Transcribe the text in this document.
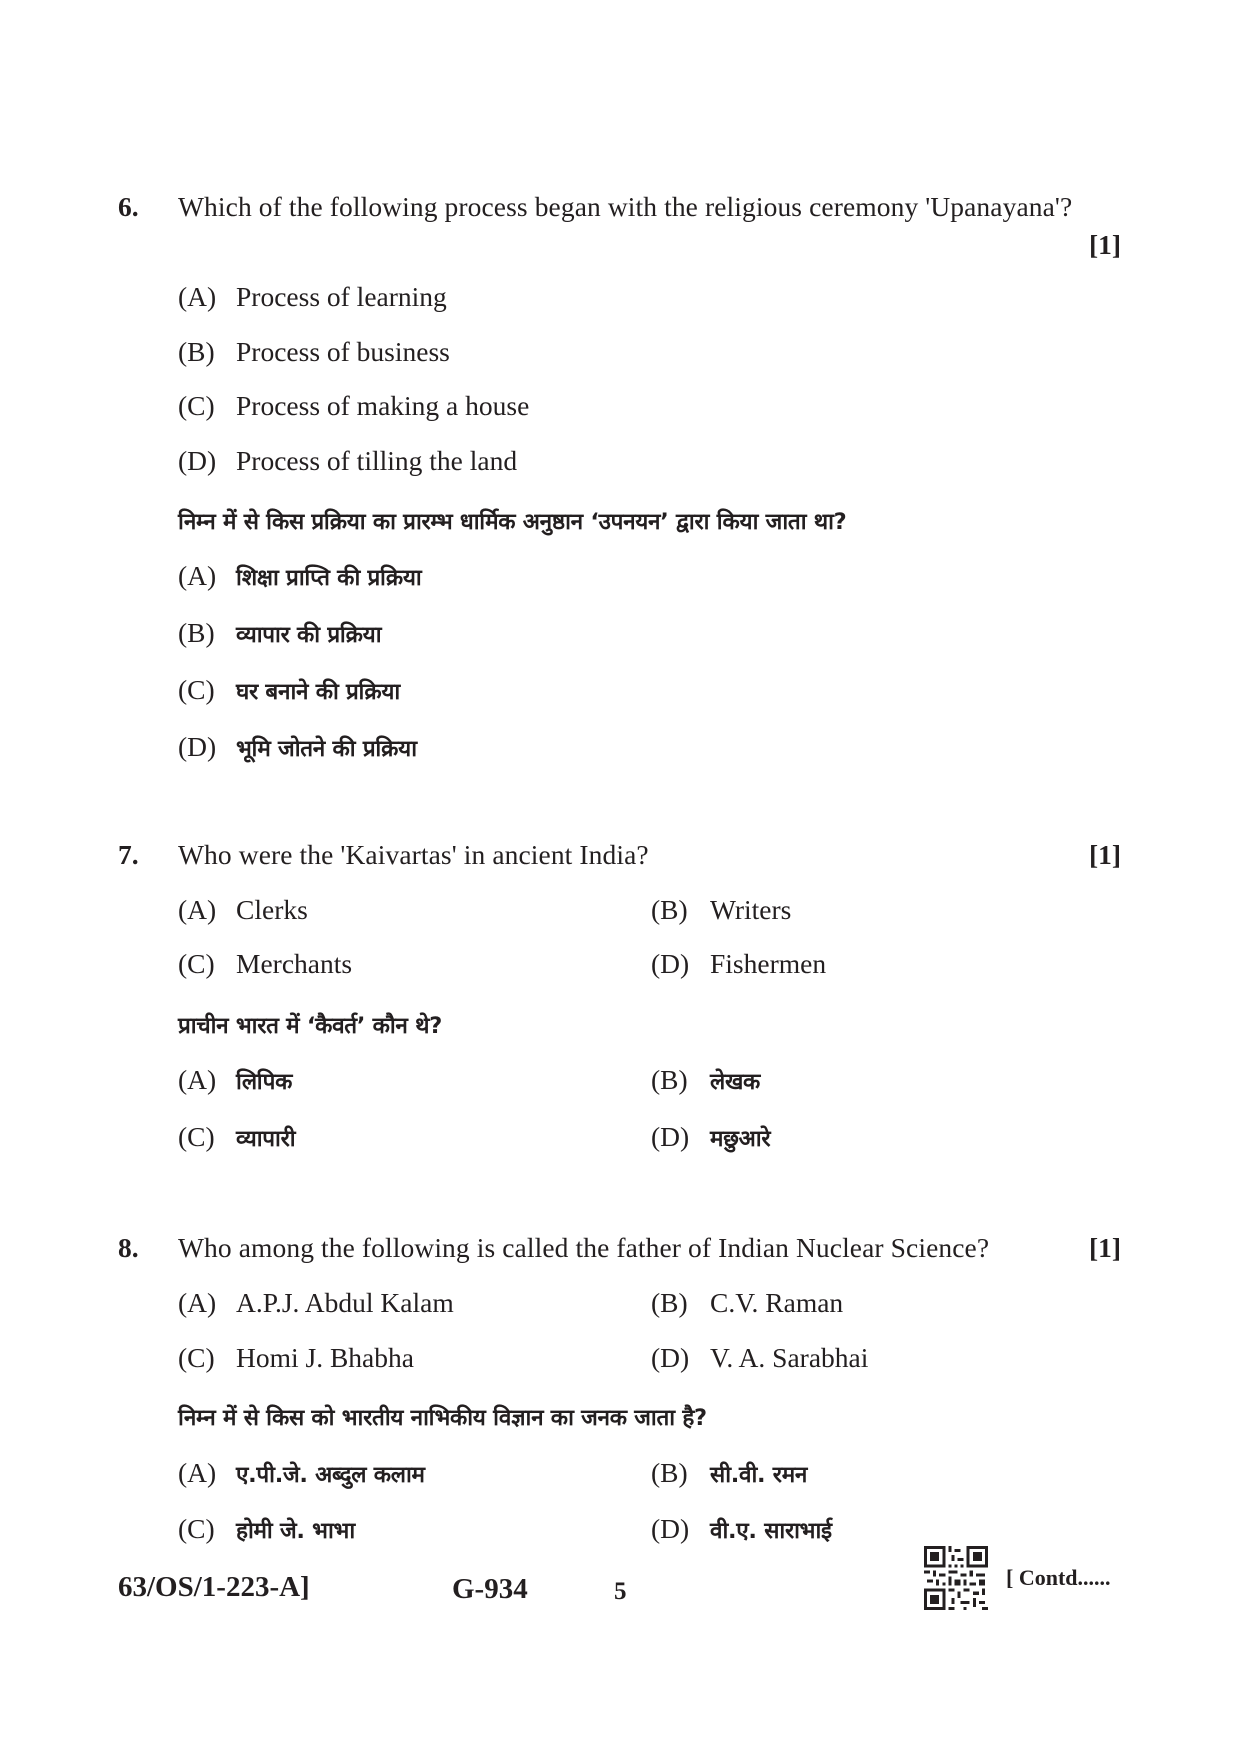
6. Which of the following process began with the religious ceremony 'Upanayana'?
[1]
(A) Process of learning
(B) Process of business
(C) Process of making a house
(D) Process of tilling the land
निम्न में से किस प्रक्रिया का प्रारम्भ धार्मिक अनुष्ठान ‘उपनयन’ द्वारा किया जाता था?
(A) शिक्षा प्राप्ति की प्रक्रिया
(B) व्यापार की प्रक्रिया
(C) घर बनाने की प्रक्रिया
(D) भूमि जोतने की प्रक्रिया
7. Who were the 'Kaivartas' in ancient India?	[1]
(A) Clerks	(B) Writers
(C) Merchants	(D) Fishermen
प्राचीन भारत में ‘कैवर्त’ कौन थे?
(A) लिपिक	(B) लेखक
(C) व्यापारी	(D) मछुआरे
8. Who among the following is called the father of Indian Nuclear Science?	[1]
(A) A.P.J. Abdul Kalam	(B) C.V. Raman
(C) Homi J. Bhabha	(D) V. A. Sarabhai
निम्न में से किस को भारतीय नाभिकीय विज्ञान का जनक जाता है?
(A) ए.पी.जे. अब्दुल कलाम	(B) सी.वी. रमन
(C) होमी जे. भाभा	(D) वी.ए. साराभाई
63/OS/1-223-A]	G-934	5
[ Contd......
